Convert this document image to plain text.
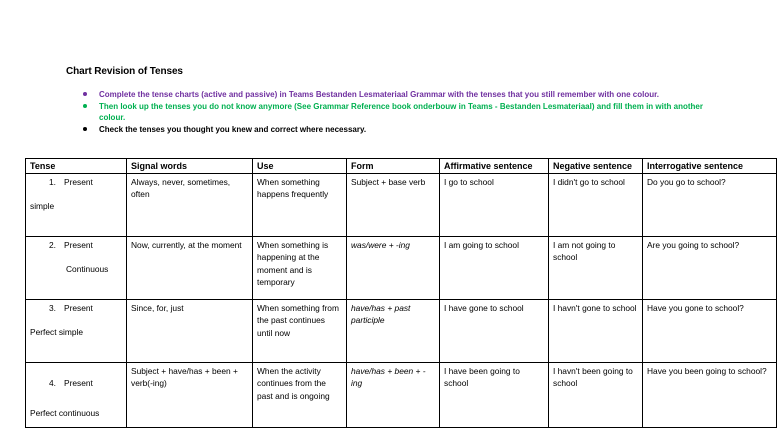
Chart Revision of Tenses
Complete the tense charts (active and passive) in Teams Bestanden Lesmateriaal Grammar with the tenses that you still remember with one colour.
Then look up the tenses you do not know anymore (See Grammar Reference book onderbouw in Teams - Bestanden Lesmateriaal) and fill them in with another colour.
Check the tenses you thought you knew and correct where necessary.
Tense	Signal words	Use	Form	Affirmative sentence	Negative sentence	Interrogative sentence

1. Present
simple	Always, never, sometimes, often	When something happens frequently	Subject + base verb	I go to school	I didn't go to school	Do you go to school?

2. Present
Continuous	Now, currently, at the moment	When something is happening at the moment and is temporary	was/were + -ing	I am going to school	I am not going to school	Are you going to school?

3. Present
Perfect simple	Since, for, just	When something from the past continues until now	have/has + past participle	I have gone to school	I havn't gone to school	Have you gone to school?

4. Present
Perfect continuous	Subject + have/has + been + verb(-ing)	When the activity continues from the past and is ongoing	have/has + been + -ing	I have been going to school	I havn't been going to school	Have you been going to school?
